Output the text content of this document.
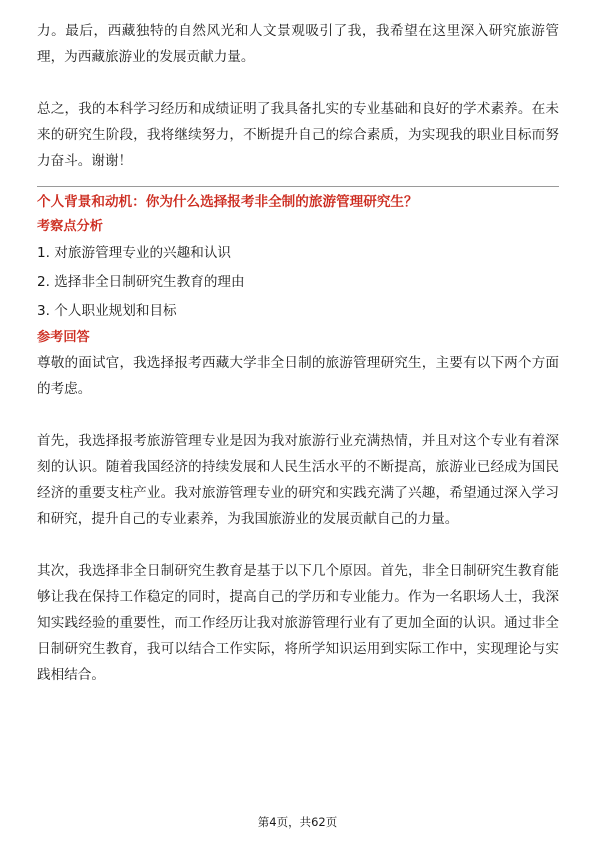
力。最后，西藏独特的自然风光和人文景观吸引了我，我希望在这里深入研究旅游管理，为西藏旅游业的发展贡献力量。

总之，我的本科学习经历和成绩证明了我具备扎实的专业基础和良好的学术素养。在未来的研究生阶段，我将继续努力，不断提升自己的综合素质，为实现我的职业目标而努力奋斗。谢谢！

个人背景和动机：你为什么选择报考非全制的旅游管理研究生？

考察点分析

1. 对旅游管理专业的兴趣和认识

2. 选择非全日制研究生教育的理由

3. 个人职业规划和目标

参考回答

尊敬的面试官，我选择报考西藏大学非全日制的旅游管理研究生，主要有以下两个方面的考虑。

首先，我选择报考旅游管理专业是因为我对旅游行业充满热情，并且对这个专业有着深刻的认识。随着我国经济的持续发展和人民生活水平的不断提高，旅游业已经成为国民经济的重要支柱产业。我对旅游管理专业的研究和实践充满了兴趣，希望通过深入学习和研究，提升自己的专业素养，为我国旅游业的发展贡献自己的力量。

其次，我选择非全日制研究生教育是基于以下几个原因。首先，非全日制研究生教育能够让我在保持工作稳定的同时，提高自己的学历和专业能力。作为一名职场人士，我深知实践经验的重要性，而工作经历让我对旅游管理行业有了更加全面的认识。通过非全日制研究生教育，我可以结合工作实际，将所学知识运用到实际工作中，实现理论与实践相结合。

第4页，共62页
